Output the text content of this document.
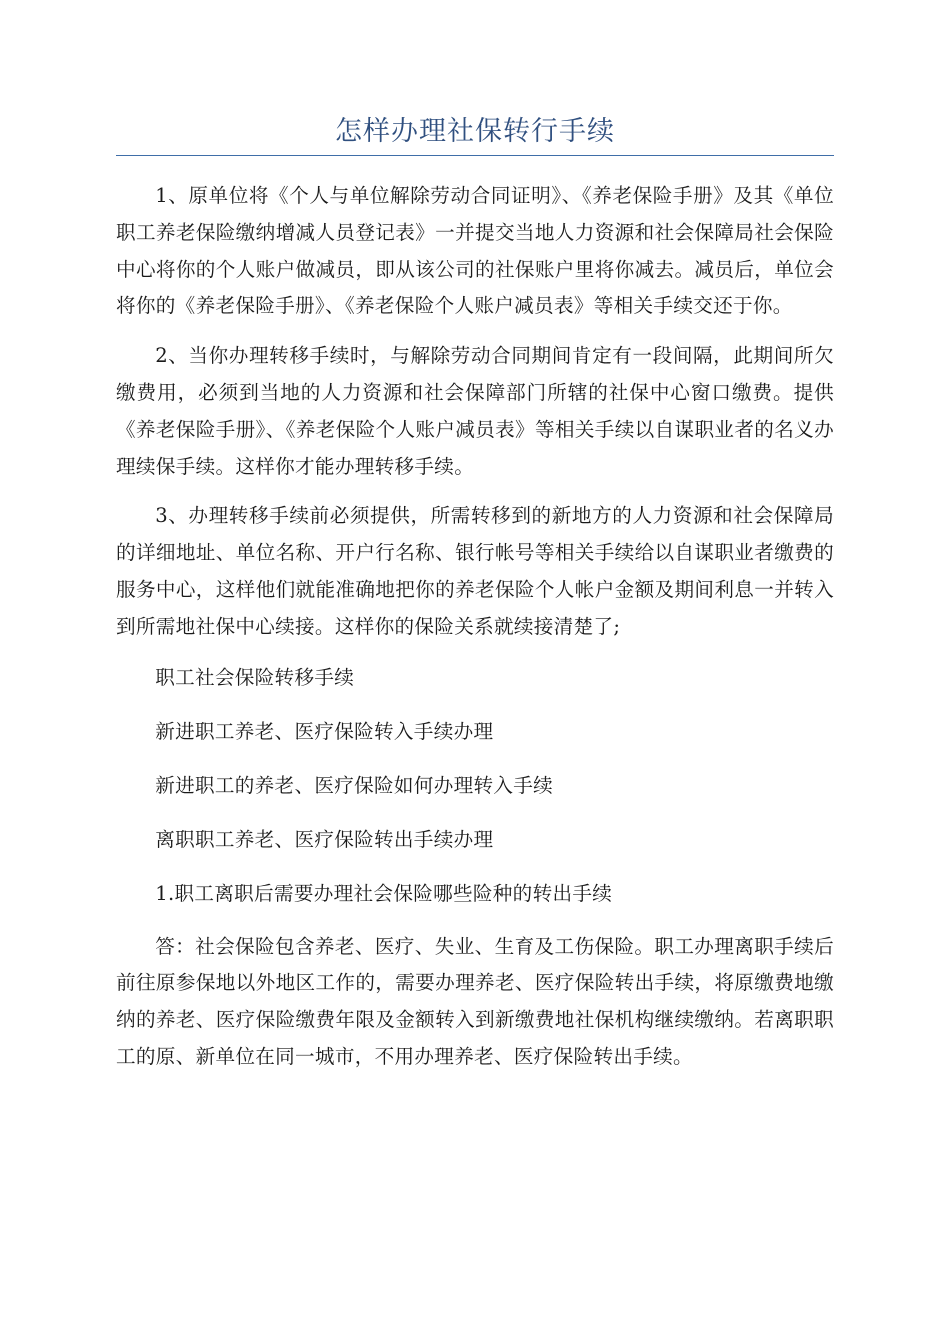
怎样办理社保转行手续

1、原单位将《个人与单位解除劳动合同证明》、《养老保险手册》及其《单位职工养老保险缴纳增减人员登记表》一并提交当地人力资源和社会保障局社会保险中心将你的个人账户做减员，即从该公司的社保账户里将你减去。减员后，单位会将你的《养老保险手册》、《养老保险个人账户减员表》等相关手续交还于你。

2、当你办理转移手续时，与解除劳动合同期间肯定有一段间隔，此期间所欠缴费用，必须到当地的人力资源和社会保障部门所辖的社保中心窗口缴费。提供《养老保险手册》、《养老保险个人账户减员表》等相关手续以自谋职业者的名义办理续保手续。这样你才能办理转移手续。

3、办理转移手续前必须提供，所需转移到的新地方的人力资源和社会保障局的详细地址、单位名称、开户行名称、银行帐号等相关手续给以自谋职业者缴费的服务中心，这样他们就能准确地把你的养老保险个人帐户金额及期间利息一并转入到所需地社保中心续接。这样你的保险关系就续接清楚了;

职工社会保险转移手续

新进职工养老、医疗保险转入手续办理

新进职工的养老、医疗保险如何办理转入手续

离职职工养老、医疗保险转出手续办理

1.职工离职后需要办理社会保险哪些险种的转出手续

答：社会保险包含养老、医疗、失业、生育及工伤保险。职工办理离职手续后前往原参保地以外地区工作的，需要办理养老、医疗保险转出手续，将原缴费地缴纳的养老、医疗保险缴费年限及金额转入到新缴费地社保机构继续缴纳。若离职职工的原、新单位在同一城市，不用办理养老、医疗保险转出手续。
